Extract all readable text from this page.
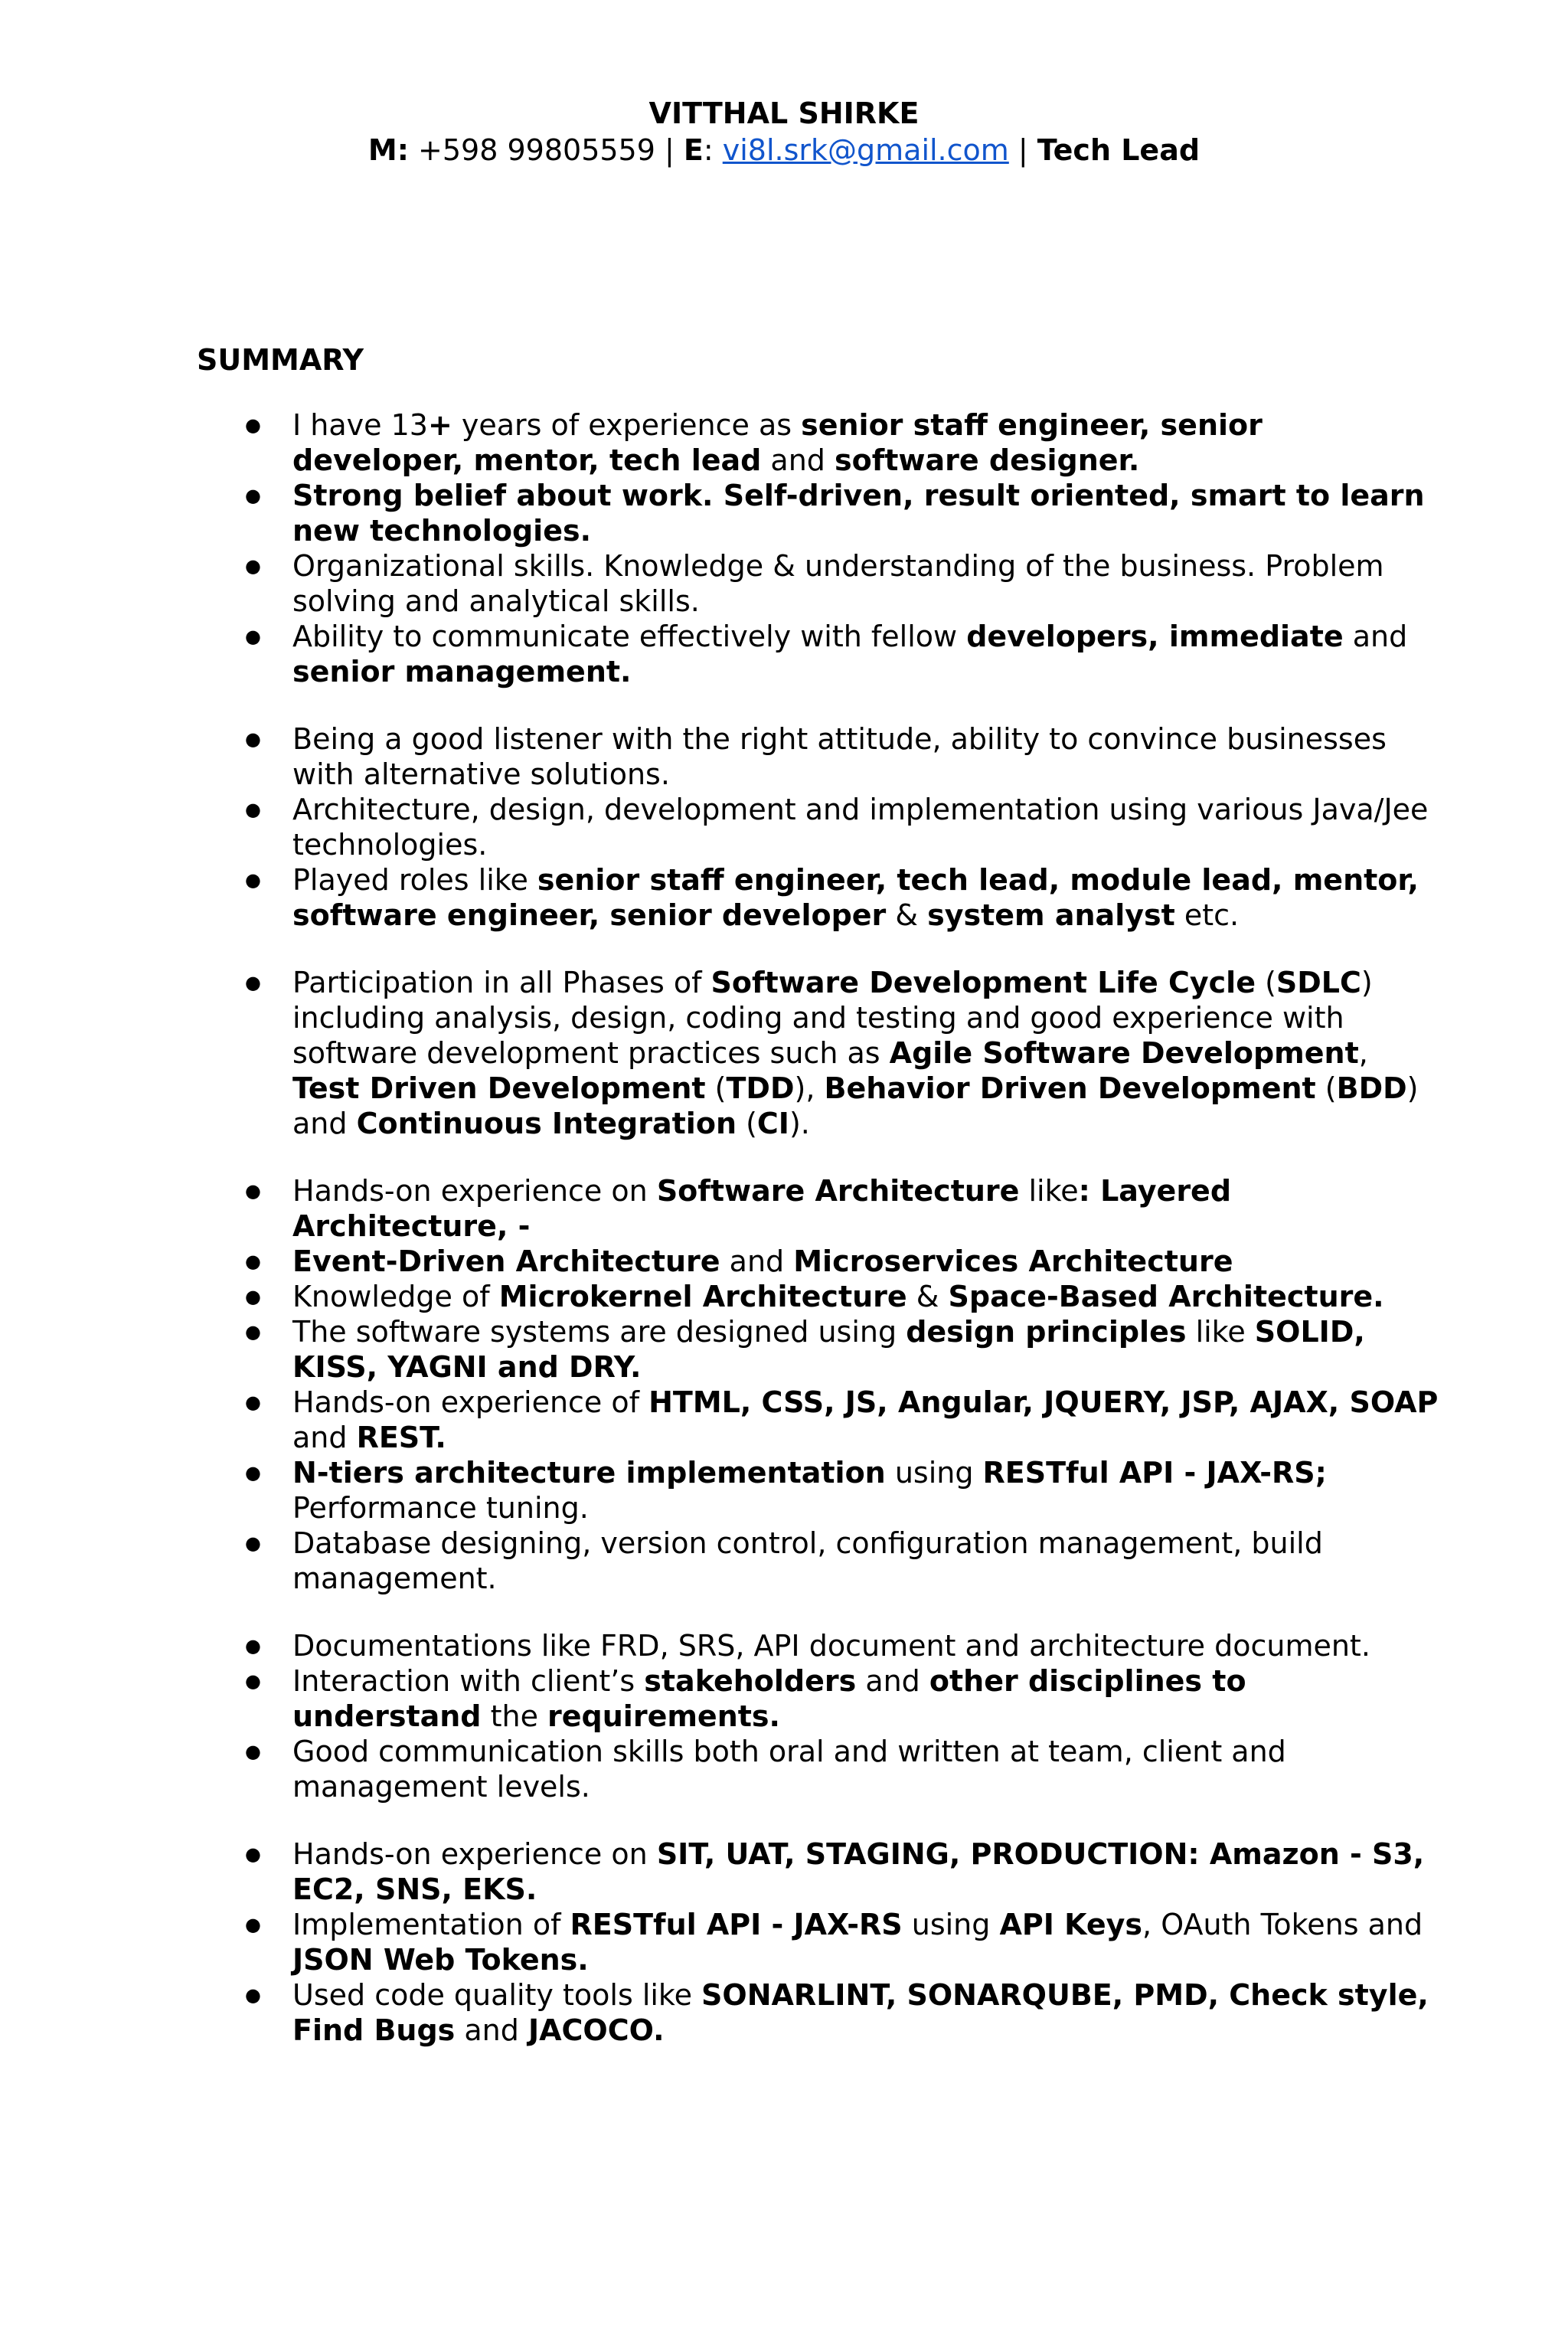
VITTHAL SHIRKE
M: +598 99805559 | E: vi8l.srk@gmail.com | Tech Lead
SUMMARY
● I have 13+ years of experience as senior staff engineer, senior developer, mentor, tech lead and software designer.
● Strong belief about work. Self-driven, result oriented, smart to learn new technologies.
● Organizational skills. Knowledge & understanding of the business. Problem solving and analytical skills.
● Ability to communicate effectively with fellow developers, immediate and senior management.
● Being a good listener with the right attitude, ability to convince businesses with alternative solutions.
● Architecture, design, development and implementation using various Java/Jee technologies.
● Played roles like senior staff engineer, tech lead, module lead, mentor, software engineer, senior developer & system analyst etc.
● Participation in all Phases of Software Development Life Cycle (SDLC) including analysis, design, coding and testing and good experience with software development practices such as Agile Software Development, Test Driven Development (TDD), Behavior Driven Development (BDD) and Continuous Integration (CI).
● Hands-on experience on Software Architecture like: Layered Architecture, -
● Event-Driven Architecture and Microservices Architecture
● Knowledge of Microkernel Architecture & Space-Based Architecture.
● The software systems are designed using design principles like SOLID, KISS, YAGNI and DRY.
● Hands-on experience of HTML, CSS, JS, Angular, JQUERY, JSP, AJAX, SOAP and REST.
● N-tiers architecture implementation using RESTful API - JAX-RS; Performance tuning.
● Database designing, version control, configuration management, build management.
● Documentations like FRD, SRS, API document and architecture document.
● Interaction with client’s stakeholders and other disciplines to understand the requirements.
● Good communication skills both oral and written at team, client and management levels.
● Hands-on experience on SIT, UAT, STAGING, PRODUCTION: Amazon - S3, EC2, SNS, EKS.
● Implementation of RESTful API - JAX-RS using API Keys, OAuth Tokens and JSON Web Tokens.
● Used code quality tools like SONARLINT, SONARQUBE, PMD, Check style, Find Bugs and JACOCO.
